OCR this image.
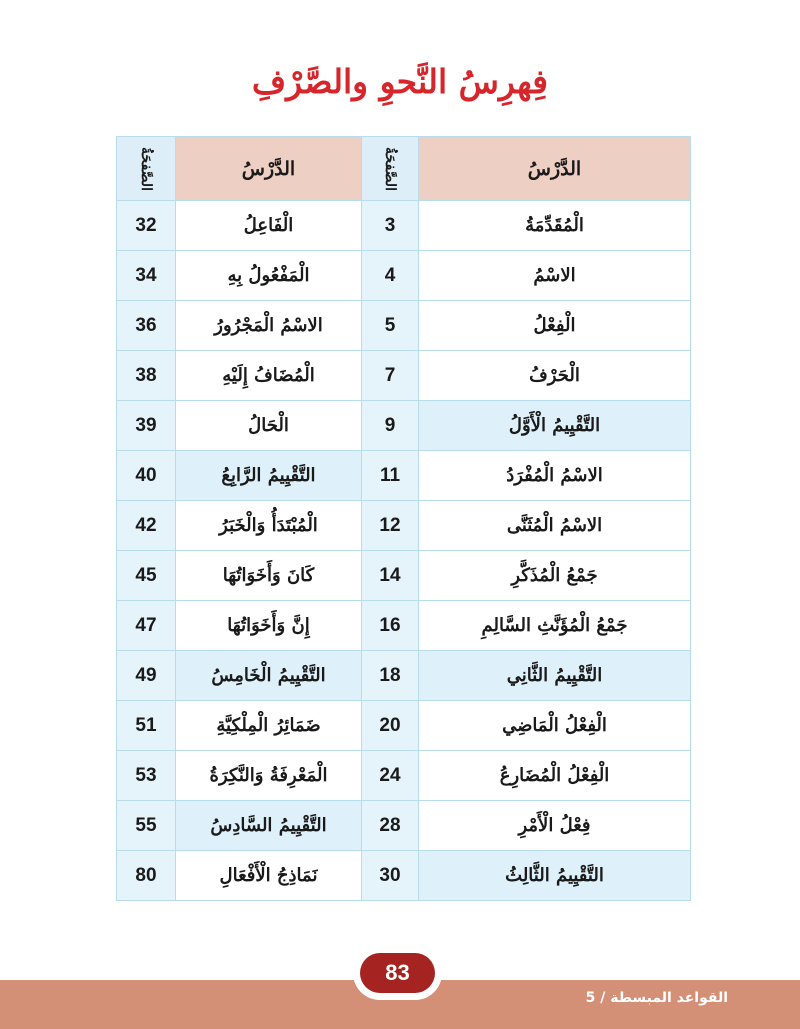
فِهرِسُ النَّحوِ والصَّرْفِ
الدَّرْسُ	الصَّفحَةُ	الدَّرْسُ	الصَّفحَةُ
الْمُقَدِّمَةُ	3	الْفَاعِلُ	32
الاسْمُ	4	الْمَفْعُولُ بِهِ	34
الْفِعْلُ	5	الاسْمُ الْمَجْرُورُ	36
الْحَرْفُ	7	الْمُضَافُ إِلَيْهِ	38
التَّقْيِيمُ الْأَوَّلُ	9	الْحَالُ	39
الاسْمُ الْمُفْرَدُ	11	التَّقْيِيمُ الرَّابِعُ	40
الاسْمُ الْمُثَنَّى	12	الْمُبْتَدَأُ وَالْخَبَرُ	42
جَمْعُ الْمُذَكَّرِ	14	كَانَ وَأَخَوَاتُهَا	45
جَمْعُ الْمُؤَنَّثِ السَّالِمِ	16	إِنَّ وَأَخَوَاتُهَا	47
التَّقْيِيمُ الثَّانِي	18	التَّقْيِيمُ الْخَامِسُ	49
الْفِعْلُ الْمَاضِي	20	ضَمَائِرُ الْمِلْكِيَّةِ	51
الْفِعْلُ الْمُضَارِعُ	24	الْمَعْرِفَةُ وَالنَّكِرَةُ	53
فِعْلُ الْأَمْرِ	28	التَّقْيِيمُ السَّادِسُ	55
التَّقْيِيمُ الثَّالِثُ	30	نَمَاذِجُ الْأَفْعَالِ	80
القواعد المبسطة / 5
83
